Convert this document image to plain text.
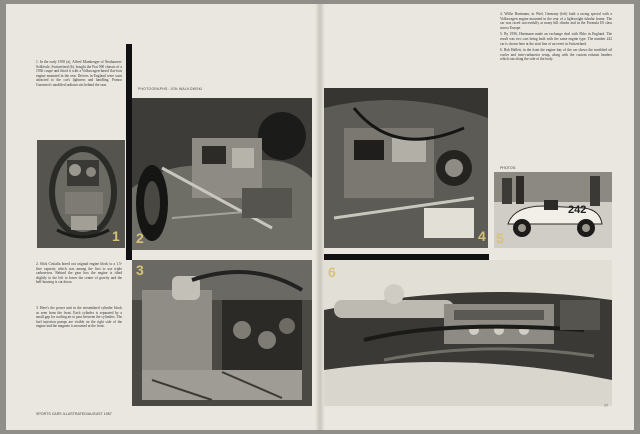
1. In the early 1950 (a), Alfred Momberger of Neuhausen-Schlössle, Switzerland (b), bought the Fiat 500 chassis of a 1936 coupé and fitted it with a Volkswagen-based flat-four engine mounted in the rear. Drivers in England were soon attracted to the car's lightness and handling. Franco Guernieri's modified radiator sits behind the seat.

PHOTOGRAPHS: JON WALKOWSKI
1 2

2. Slick Cisitalia bored out original engine block to a 1.5-litre capacity which was among the first to use triple carburetors. Behind the gear box the engine is tilted slightly to the left to lower the center of gravity and the bell-housing is cut down.

3. Here's the power unit in the streamlined cylinder block as seen from the front. Each cylinder is separated by a small gap for cooling air to pass between the cylinders. The fuel injection pumps are visible on the right side of the engine and the magneto is mounted at the front.

3
SPORTS CARS ILLUSTRATED/AUGUST 1957

4. Willie Hartmann, in Wiel, Germany (left) built a racing special with a Volkswagen engine mounted in the rear of a lightweight tubular frame. The car was raced successfully at many hill climbs and in the Formula III class across Europe.

5. By 1956, Hartmann made an exchange deal with Ebbs in England. The result was two cars being built with the same engine type. The number 242 car is shown here at the start line of an event in Switzerland.

6. Bob Hallett, in the front the engine bay of the car shows the modified oil cooler and twin-carburetor setup, along with the custom exhaust headers which run along the side of the body.

4
PHOTOS:
242
5
6
77
